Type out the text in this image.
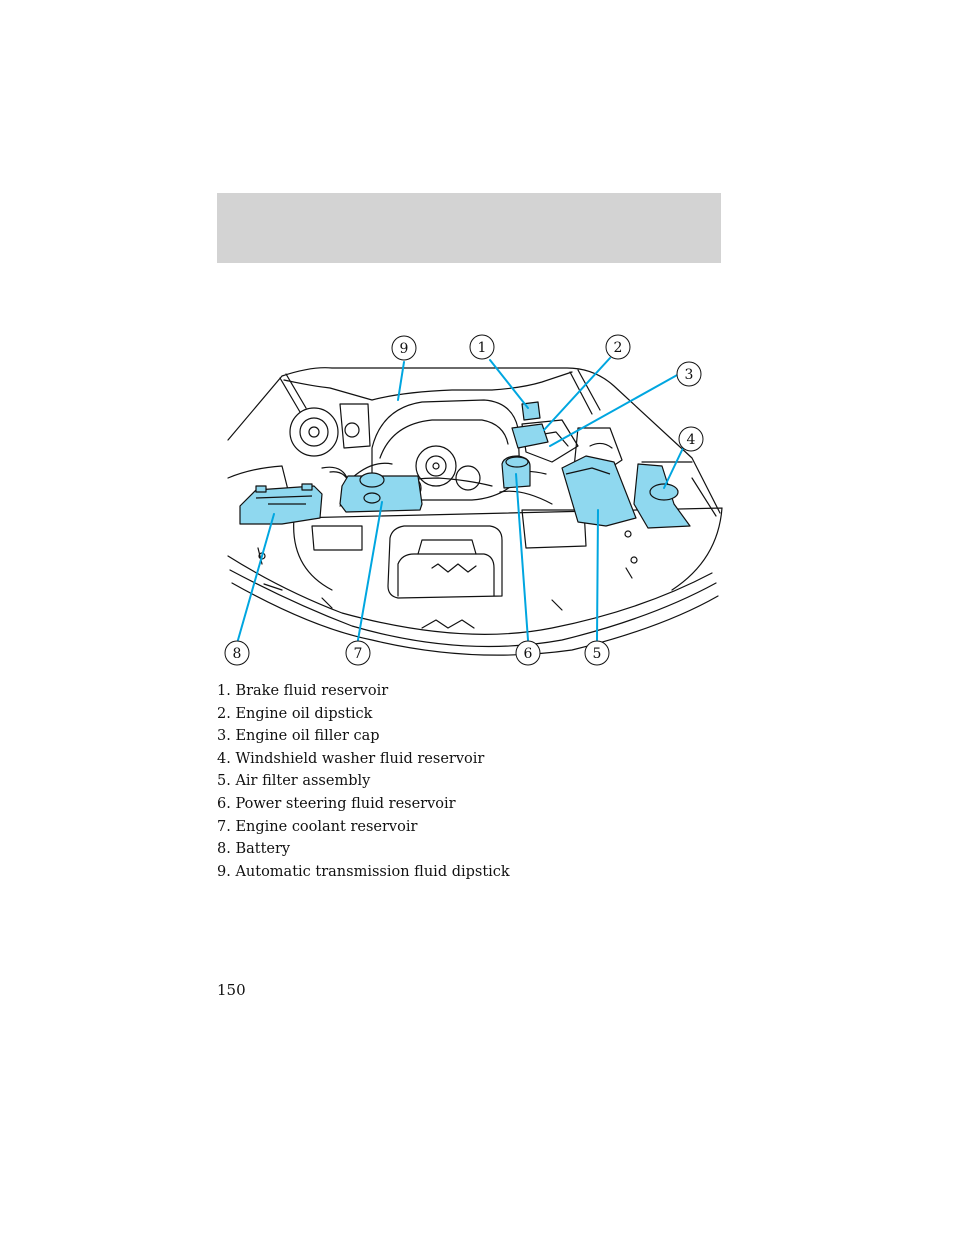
1	2
3
4
5
6
7
8
9
1. Brake fluid reservoir
2. Engine oil dipstick
3. Engine oil filler cap
4. Windshield washer fluid reservoir
5. Air filter assembly
6. Power steering fluid reservoir
7. Engine coolant reservoir
8. Battery
9. Automatic transmission fluid dipstick
150
